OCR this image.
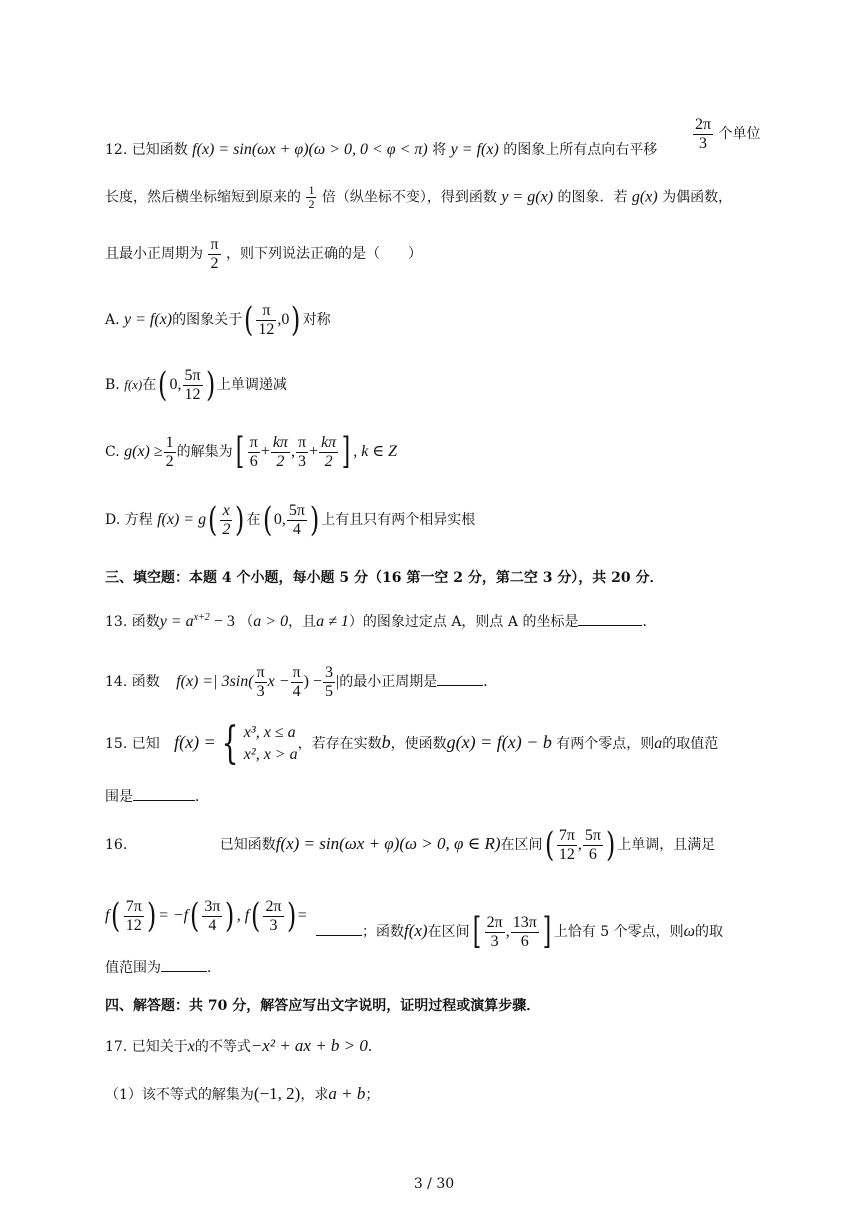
12. 已知函数 f(x) = sin(ωx + φ)(ω > 0, 0 < φ < π) 将 y = f(x) 的图象上所有点向右平移 $\frac{2\pi}{3}$ 个单位
长度，然后横坐标缩短到原来的 $\frac{1}{2}$ 倍（纵坐标不变），得到函数 y = g(x) 的图象．若 g(x) 为偶函数，
且最小正周期为 $\frac{\pi}{2}$ ，则下列说法正确的是（　　）
A. y = f(x)的图象关于( $\frac{\pi}{12} ,0$) 对称
B. f(x)在( 0, $\frac{5\pi}{12}$ ) 上单调递减
C. $g(x) \ge \frac{1}{2}$ 的解集为[ $\frac{\pi}{6} + \frac{k\pi}{2}$ , $\frac{\pi}{3} + \frac{k\pi}{2}$ ] , k ∈ Z
D. 方程 $f(x) = g( \frac{x}{2}$ ) 在( 0, $\frac{5\pi}{4}$ ) 上有且只有两个相异实根
三、填空题：本题 4 个小题，每小题 5 分（16 第一空 2 分，第二空 3 分），共 20 分．
13. 函数$y = a^{x+2} - 3$ （a > 0，且a ≠ 1）的图象过定点 A，则点 A 的坐标是	．
14. 函数 f(x) =| $3\sin( \frac{\pi}{3}$ $x - \frac{\pi}{4}$ ) − $\frac{3}{5}$ |的最小正周期是	．
15. 已知 f(x) = { x³, x ≤ a
x², x > a
，若存在实数b，使函数g(x) = f(x) − b 有两个零点，则a的取值范
围是	．
16.	已知函数f(x) = sin(ωx + φ)(ω > 0, φ ∈ R)在区间( $\frac{7\pi}{12}$ , $\frac{5\pi}{6}$ ) 上单调，且满足
$f( \frac{7\pi}{12}$ ) = $-f( \frac{3\pi}{4}$ ) , $f( \frac{2\pi}{3}$ ) =
；函数f(x)在区间[ $\frac{2\pi}{3}$ , $\frac{13\pi}{6}$ ] 上恰有 5 个零点，则ω的取
值范围为	．
四、解答题：共 70 分，解答应写出文字说明，证明过程或演算步骤．
17. 已知关于x的不等式−x² + ax + b > 0．
（1）该不等式的解集为(−1, 2)，求a + b；
3 / 30
